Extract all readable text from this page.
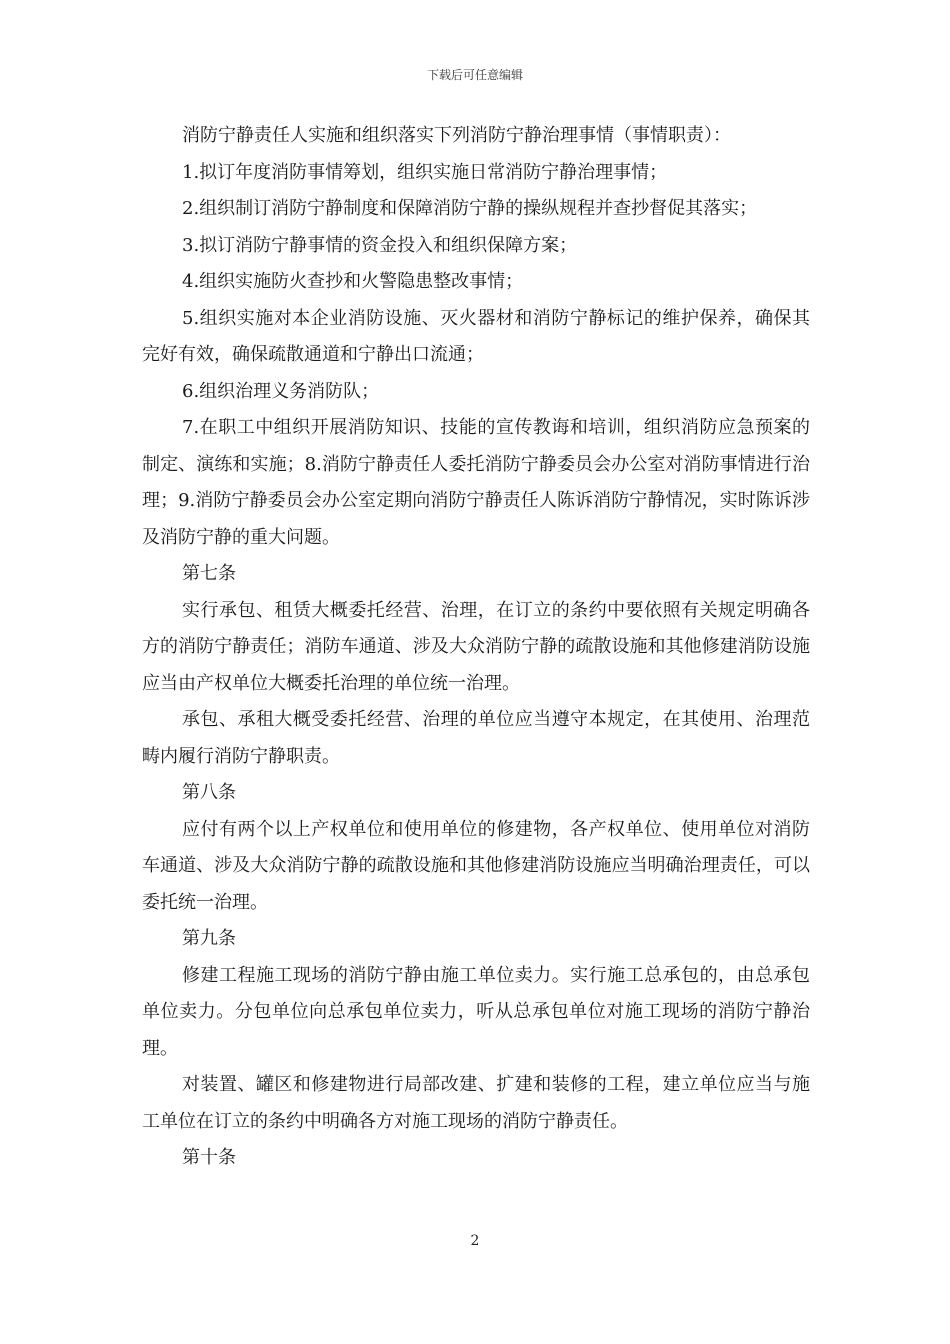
下载后可任意编辑

消防宁静责任人实施和组织落实下列消防宁静治理事情（事情职责）：

1.拟订年度消防事情筹划，组织实施日常消防宁静治理事情；

2.组织制订消防宁静制度和保障消防宁静的操纵规程并查抄督促其落实；

3.拟订消防宁静事情的资金投入和组织保障方案；

4.组织实施防火查抄和火警隐患整改事情；

5.组织实施对本企业消防设施、灭火器材和消防宁静标记的维护保养，确保其完好有效，确保疏散通道和宁静出口流通；

6.组织治理义务消防队；

7.在职工中组织开展消防知识、技能的宣传教诲和培训，组织消防应急预案的制定、演练和实施；8.消防宁静责任人委托消防宁静委员会办公室对消防事情进行治理；9.消防宁静委员会办公室定期向消防宁静责任人陈诉消防宁静情况，实时陈诉涉及消防宁静的重大问题。

第七条

实行承包、租赁大概委托经营、治理，在订立的条约中要依照有关规定明确各方的消防宁静责任；消防车通道、涉及大众消防宁静的疏散设施和其他修建消防设施应当由产权单位大概委托治理的单位统一治理。

承包、承租大概受委托经营、治理的单位应当遵守本规定，在其使用、治理范畴内履行消防宁静职责。

第八条

应付有两个以上产权单位和使用单位的修建物，各产权单位、使用单位对消防车通道、涉及大众消防宁静的疏散设施和其他修建消防设施应当明确治理责任，可以委托统一治理。

第九条

修建工程施工现场的消防宁静由施工单位卖力。实行施工总承包的，由总承包单位卖力。分包单位向总承包单位卖力，听从总承包单位对施工现场的消防宁静治理。

对装置、罐区和修建物进行局部改建、扩建和装修的工程，建立单位应当与施工单位在订立的条约中明确各方对施工现场的消防宁静责任。

第十条

2
